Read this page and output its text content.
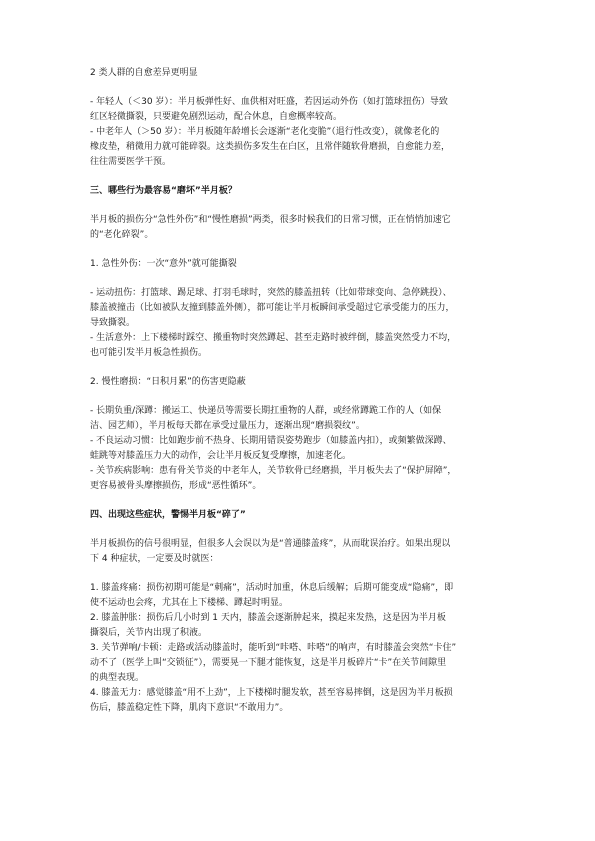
2 类人群的自愈差异更明显
- 年轻人（＜30 岁）：半月板弹性好、血供相对旺盛，若因运动外伤（如打篮球扭伤）导致
红区轻微撕裂，只要避免剧烈运动，配合休息，自愈概率较高。
- 中老年人（＞50 岁）：半月板随年龄增长会逐渐“老化变脆”（退行性改变），就像老化的
橡皮垫，稍微用力就可能碎裂。这类损伤多发生在白区，且常伴随软骨磨损，自愈能力差，
往往需要医学干预。
三、哪些行为最容易“磨坏”半月板？
半月板的损伤分“急性外伤”和“慢性磨损”两类，很多时候我们的日常习惯，正在悄悄加速它
的“老化碎裂”。
1. 急性外伤：一次“意外”就可能撕裂
- 运动扭伤：打篮球、踢足球、打羽毛球时，突然的膝盖扭转（比如带球变向、急停跳投）、
膝盖被撞击（比如被队友撞到膝盖外侧），都可能让半月板瞬间承受超过它承受能力的压力，
导致撕裂。
- 生活意外：上下楼梯时踩空、搬重物时突然蹲起、甚至走路时被绊倒，膝盖突然受力不均，
也可能引发半月板急性损伤。
2. 慢性磨损：“日积月累”的伤害更隐蔽
- 长期负重/深蹲：搬运工、快递员等需要长期扛重物的人群，或经常蹲跪工作的人（如保
洁、园艺师），半月板每天都在承受过量压力，逐渐出现“磨损裂纹”。
- 不良运动习惯：比如跑步前不热身、长期用错误姿势跑步（如膝盖内扣），或频繁做深蹲、
蛙跳等对膝盖压力大的动作，会让半月板反复受摩擦，加速老化。
- 关节疾病影响：患有骨关节炎的中老年人，关节软骨已经磨损，半月板失去了“保护屏障”，
更容易被骨头摩擦损伤，形成“恶性循环”。
四、出现这些症状，警惕半月板“碎了”
半月板损伤的信号很明显，但很多人会误以为是“普通膝盖疼”，从而耽误治疗。如果出现以
下 4 种症状，一定要及时就医：
1. 膝盖疼痛：损伤初期可能是“刺痛”，活动时加重，休息后缓解；后期可能变成“隐痛”，即
使不运动也会疼，尤其在上下楼梯、蹲起时明显。
2. 膝盖肿胀：损伤后几小时到 1 天内，膝盖会逐渐肿起来，摸起来发热，这是因为半月板
撕裂后，关节内出现了积液。
3. 关节弹响/卡顿：走路或活动膝盖时，能听到“咔嗒、咔嗒”的响声，有时膝盖会突然“卡住”
动不了（医学上叫“交锁征”），需要晃一下腿才能恢复，这是半月板碎片“卡”在关节间隙里
的典型表现。
4. 膝盖无力：感觉膝盖“用不上劲”，上下楼梯时腿发软，甚至容易摔倒，这是因为半月板损
伤后，膝盖稳定性下降，肌肉下意识“不敢用力”。
